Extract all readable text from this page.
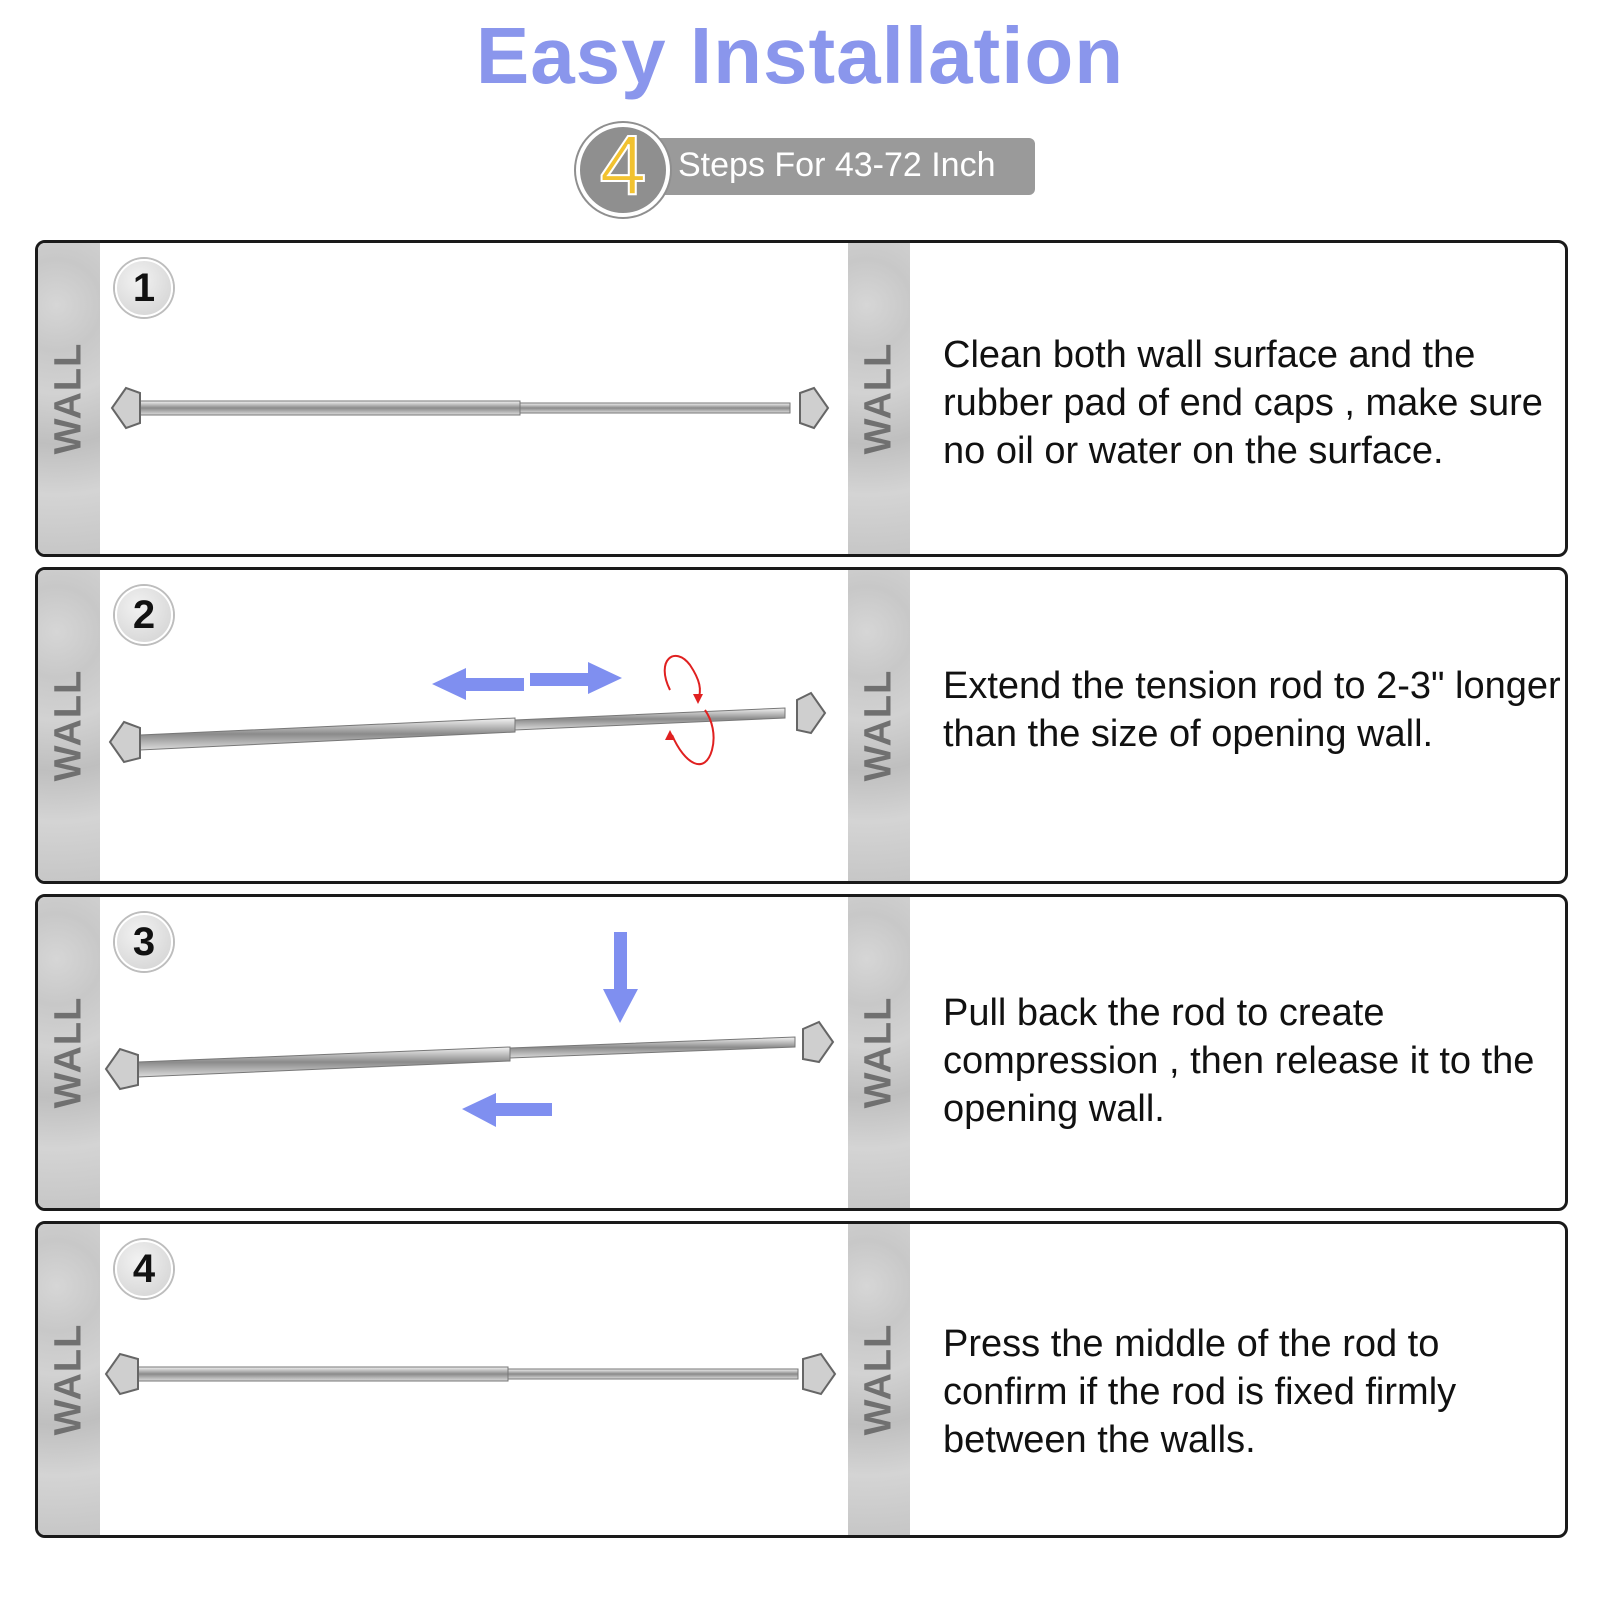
Easy Installation
Steps For 43-72 Inch
4
WALL	WALL
1
Clean both wall surface and the rubber pad of end caps , make sure no oil or water on the surface.
WALL	WALL
2
Extend the tension rod to 2-3" longer than the size of opening wall.
WALL	WALL
3
Pull back the rod to create compression , then release it to the opening wall.
WALL	WALL
4
Press the middle of the rod to confirm if the rod is fixed firmly between the walls.
